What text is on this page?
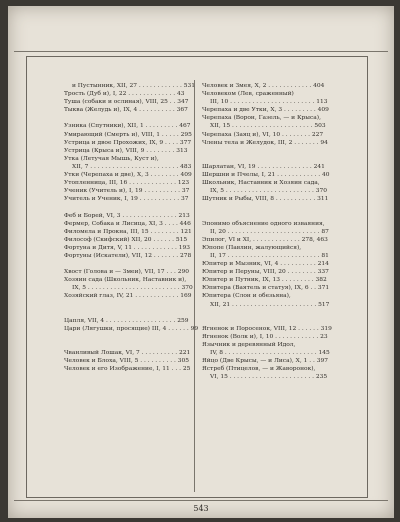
и Пустынник, XII, 27 . . . . . . . . . . . . 531
Трость (Дуб и), I, 22 . . . . . . . . . . . . . 43
Туша (собаки и ослиная), VIII, 25 . . 347
Тыква (Желудь и), IX, 4 . . . . . . . . . . 367
Узника (Спутники), XII, 1 . . . . . . . . . 467
Умирающий (Смерть и), VIII, 1 . . . . . 295
Устрица и двое Прохожих, IX, 9 . . . . 377
Устрица (Крыса и), VIII, 9 . . . . . . . . 313
Утка (Летучая Мышь, Куст и),
XII, 7 . . . . . . . . . . . . . . . . . . . . . . . . 483
Утки (Черепаха и две), X, 3 . . . . . . . . 409
Утопленница, III, 16 . . . . . . . . . . . . . 123
Ученик (Учитель и), I, 19 . . . . . . . . . . 37
Учитель и Ученик, I, 19 . . . . . . . . . . . 37
Феб и Борей, VI, 3 . . . . . . . . . . . . . . . 213
Фермер, Собака и Лисица, XI, 3 . . . . 446
Филомела и Прокна, III, 15 . . . . . . . . 121
Философ (Скифский) XII, 20 . . . . . . 515
Фортуна и Дитя, V, 11 . . . . . . . . . . . . 193
Фортуны (Искатели), VII, 12 . . . . . . . 278
Хвост (Голова и — Змеи), VII, 17 . . . 290
Хозяин сада (Школьник, Наставник и),
IX, 5 . . . . . . . . . . . . . . . . . . . . . . . . . 370
Хозяйский глаз, IV, 21 . . . . . . . . . . . . 169
Цапля, VII, 4 . . . . . . . . . . . . . . . . . . . 259
Цари (Лягушки, просящие) III, 4 . . . . . . 99
Чванливый Лошак, VI, 7 . . . . . . . . . . 221
Человек и Блоха, VIII, 5 . . . . . . . . . . 305
Человек и его Изображение, I, 11 . . . 25
Человек и Змея, X, 2 . . . . . . . . . . . . 404
Человеком (Лев, сраженный)
III, 10 . . . . . . . . . . . . . . . . . . . . . . . 113
Черепаха и две Утки, X, 3 . . . . . . . . . 409
Черепаха (Ворон, Газель, — и Крыса),
XII, 15 . . . . . . . . . . . . . . . . . . . . . . 503
Черепаха (Заяц и), VI, 10 . . . . . . . . 227
Члены тела и Желудок, III, 2 . . . . . . . 94
Шарлатан, VI, 19 . . . . . . . . . . . . . . . 241
Шершни и Пчелы, I, 21 . . . . . . . . . . . . 40
Школьник, Наставник и Хозяин сада,
IX, 5 . . . . . . . . . . . . . . . . . . . . . . . . 370
Шутник и Рыбы, VIII, 8 . . . . . . . . . . . 311
Эпонимо объяснение одного изваяния,
II, 20 . . . . . . . . . . . . . . . . . . . . . . . . . 87
Эпилог, VI и XI, . . . . . . . . . . . . . 278, 463
Юпопе (Павлин, жалующийся),
II, 17 . . . . . . . . . . . . . . . . . . . . . . . . . 81
Юпитер и Мызник, VI, 4 . . . . . . . . . . 214
Юпитер и Перуны, VIII, 20 . . . . . . . . 337
Юпитер и Путник, IX, 13 . . . . . . . . . 382
Юпитера (Ваятель и статуя), IX, 6 . . 371
Юпитера (Слон и обезьяна),
XII, 21 . . . . . . . . . . . . . . . . . . . . . . . 517
Ягненок и Поросенок, VIII, 12 . . . . . . 319
Ягненок (Волк и), I, 10 . . . . . . . . . . . . 23
Язычник и деревянный Идол,
IV, 8 . . . . . . . . . . . . . . . . . . . . . . . . . 145
Яйцо (Две Крысы, — и Лиса), X, 1 . . 397
Ястреб (Птицелов, — и Жаворонок),
VI, 15 . . . . . . . . . . . . . . . . . . . . . . . 235
543
